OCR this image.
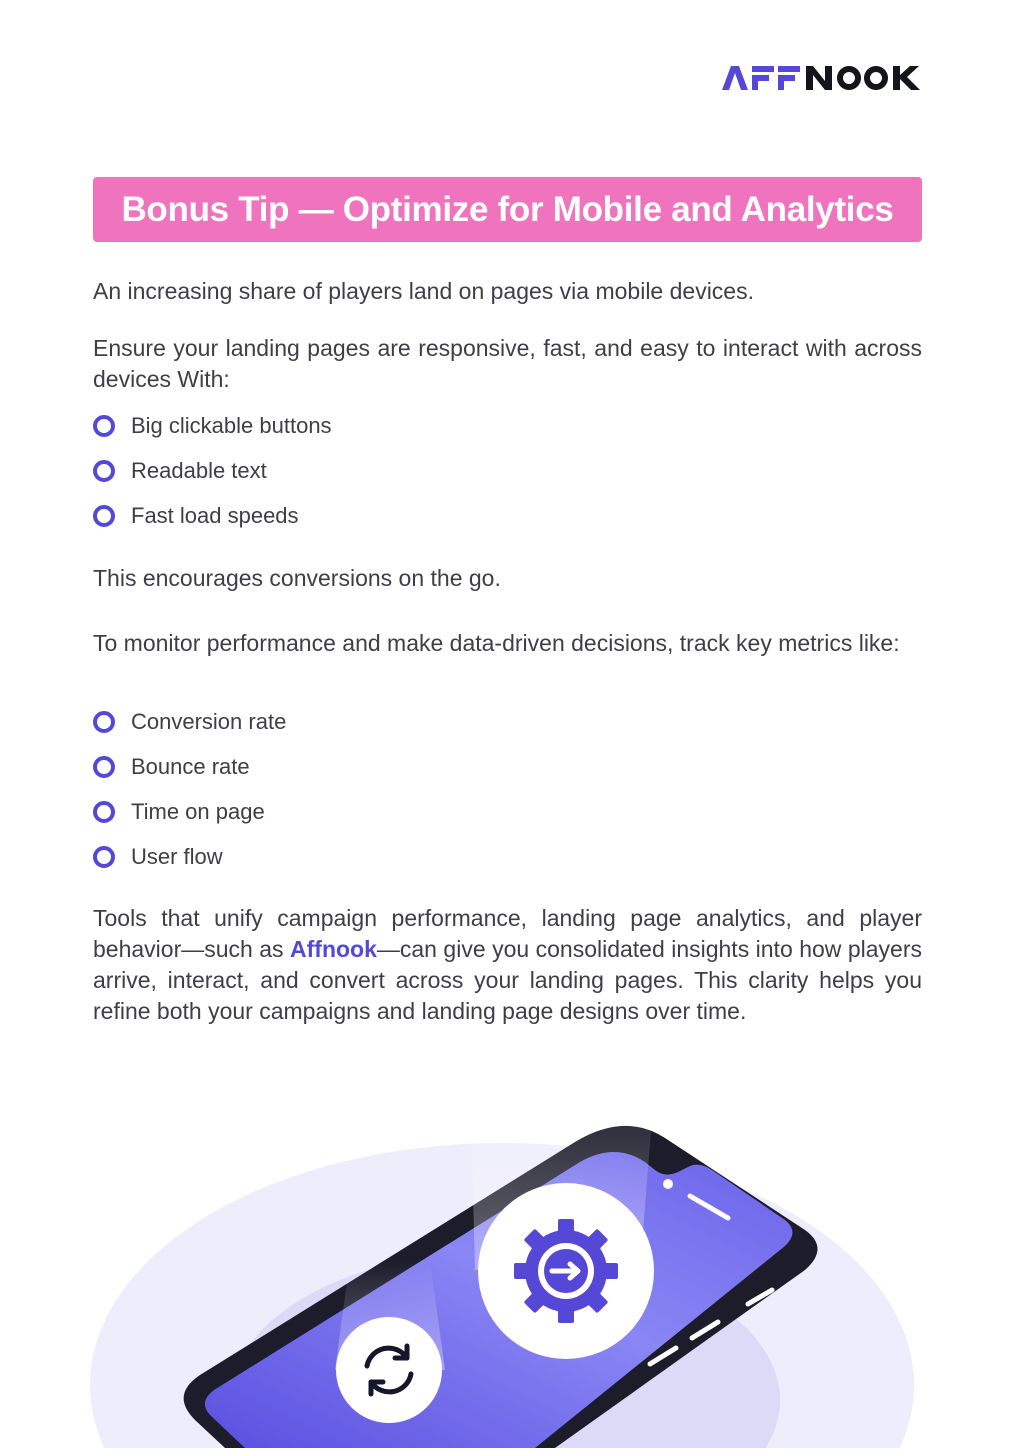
Bonus Tip — Optimize for Mobile and Analytics

An increasing share of players land on pages via mobile devices.

Ensure your landing pages are responsive, fast, and easy to interact with across devices With:

Big clickable buttons
Readable text
Fast load speeds

This encourages conversions on the go.

To monitor performance and make data-driven decisions, track key metrics like:

Conversion rate
Bounce rate
Time on page
User flow

Tools that unify campaign performance, landing page analytics, and player behavior—such as Affnook—can give you consolidated insights into how players arrive, interact, and convert across your landing pages. This clarity helps you refine both your campaigns and landing page designs over time.
